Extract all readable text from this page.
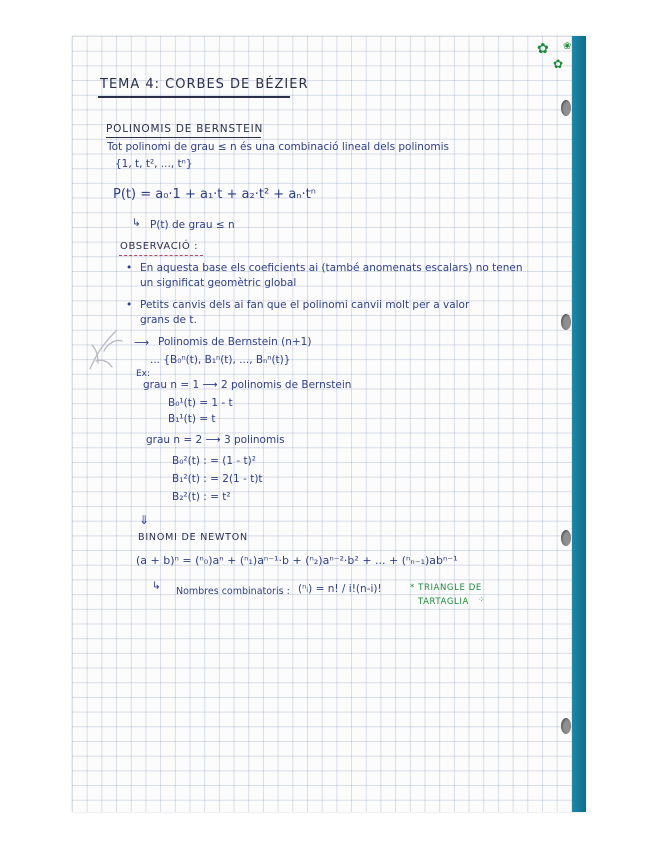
✿
✿
❀
TEMA 4: CORBES DE BÉZIER
POLINOMIS DE BERNSTEIN
Tot polinomi de grau ≤ n és una combinació lineal dels polinomis
{1, t, t², ..., tⁿ}
P(t) = a₀·1 + a₁·t + a₂·t² + aₙ·tⁿ
↳ P(t) de grau ≤ n
OBSERVACIÓ :
• En aquesta base els coeficients ai (també anomenats escalars) no tenen
un significat geomètric global
• Petits canvis dels ai fan que el polinomi canvii molt per a valor
grans de t.
⟶ Polinomis de Bernstein (n+1)
... {B₀ⁿ(t), B₁ⁿ(t), ..., Bₙⁿ(t)}
Ex:
grau n = 1 ⟶ 2 polinomis de Bernstein
B₀¹(t) = 1 - t
B₁¹(t) = t
grau n = 2 ⟶ 3 polinomis
B₀²(t) : = (1 - t)²
B₁²(t) : = 2(1 - t)t
B₂²(t) : = t²
⇓
BINOMI DE NEWTON
(a + b)ⁿ = (ⁿ₀)aⁿ + (ⁿ₁)aⁿ⁻¹·b + (ⁿ₂)aⁿ⁻²·b² + ... + (ⁿₙ₋₁)abⁿ⁻¹
↳ Nombres combinatoris : (ⁿᵢ) = n! / i!(n-i)!	* TRIANGLE DE
TARTAGLIA ⁘
